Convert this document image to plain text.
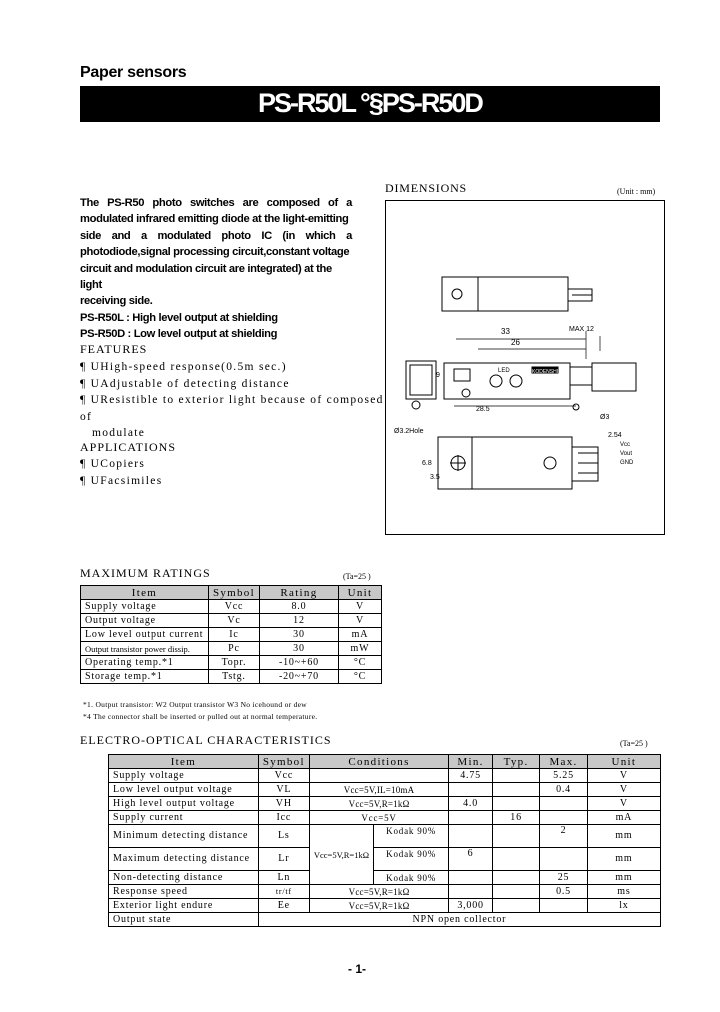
Paper sensors
PS-R50L °§PS-R50D

The PS-R50 photo switches are composed of a

modulated infrared emitting diode at the light-emitting

side and a modulated photo IC (in which a

photodiode,signal processing circuit,constant voltage

circuit and modulation circuit are integrated) at the light

receiving side.

PS-R50L : High level output at shielding

PS-R50D : Low level output at shielding

FEATURES
¶ UHigh-speed response(0.5m sec.)
¶ UAdjustable of detecting distance
¶ UResistible to exterior light because of composed of
modulate
APPLICATIONS
¶ UCopiers
¶ UFacsimiles
DIMENSIONS	(Unit : mm)
33
26
MAX 12
LED	KODENSHI
28.5
Ø3
9
Ø3.2Hole
6.8
3.5
2.54
Vcc
Vout
GND
MAXIMUM RATINGS	(Ta=25 )
Item	Symbol	Rating	Unit
Supply voltage	Vcc	8.0	V
Output voltage	Vc	12	V
Low level output current	Ic	30	mA
Output transistor power dissip.	Pc	30	mW
Operating temp.*1	Topr.	-10~+60	°C
Storage temp.*1	Tstg.	-20~+70	°C
*1. Output transistor: W2 Output transistor W3 No icehound or dew
*4 The connector shall be inserted or pulled out at normal temperature.
ELECTRO-OPTICAL CHARACTERISTICS	(Ta=25 )
Item	Symbol	Conditions		Min.	Typ.	Max.	Unit
Supply voltage	Vcc			4.75		5.25	V
Low level output voltage	VL	Vcc=5V,IL=10mA				0.4	V
High level output voltage	VH	Vcc=5V,R=1kΩ		4.0			V
Supply current	Icc	Vcc=5V			16		mA
Minimum detecting distance	Ls	Vcc=5V,R=1kΩ	Kodak 90%			2	mm
Maximum detecting distance	Lr		Kodak 90%	6			mm
Non-detecting distance	Ln		Kodak 90%			25	mm
Response speed	tr/tf	Vcc=5V,R=1kΩ				0.5	ms
Exterior light endure	Ee	Vcc=5V,R=1kΩ		3,000			lx
Output state	NPN open collector						
- 1-
